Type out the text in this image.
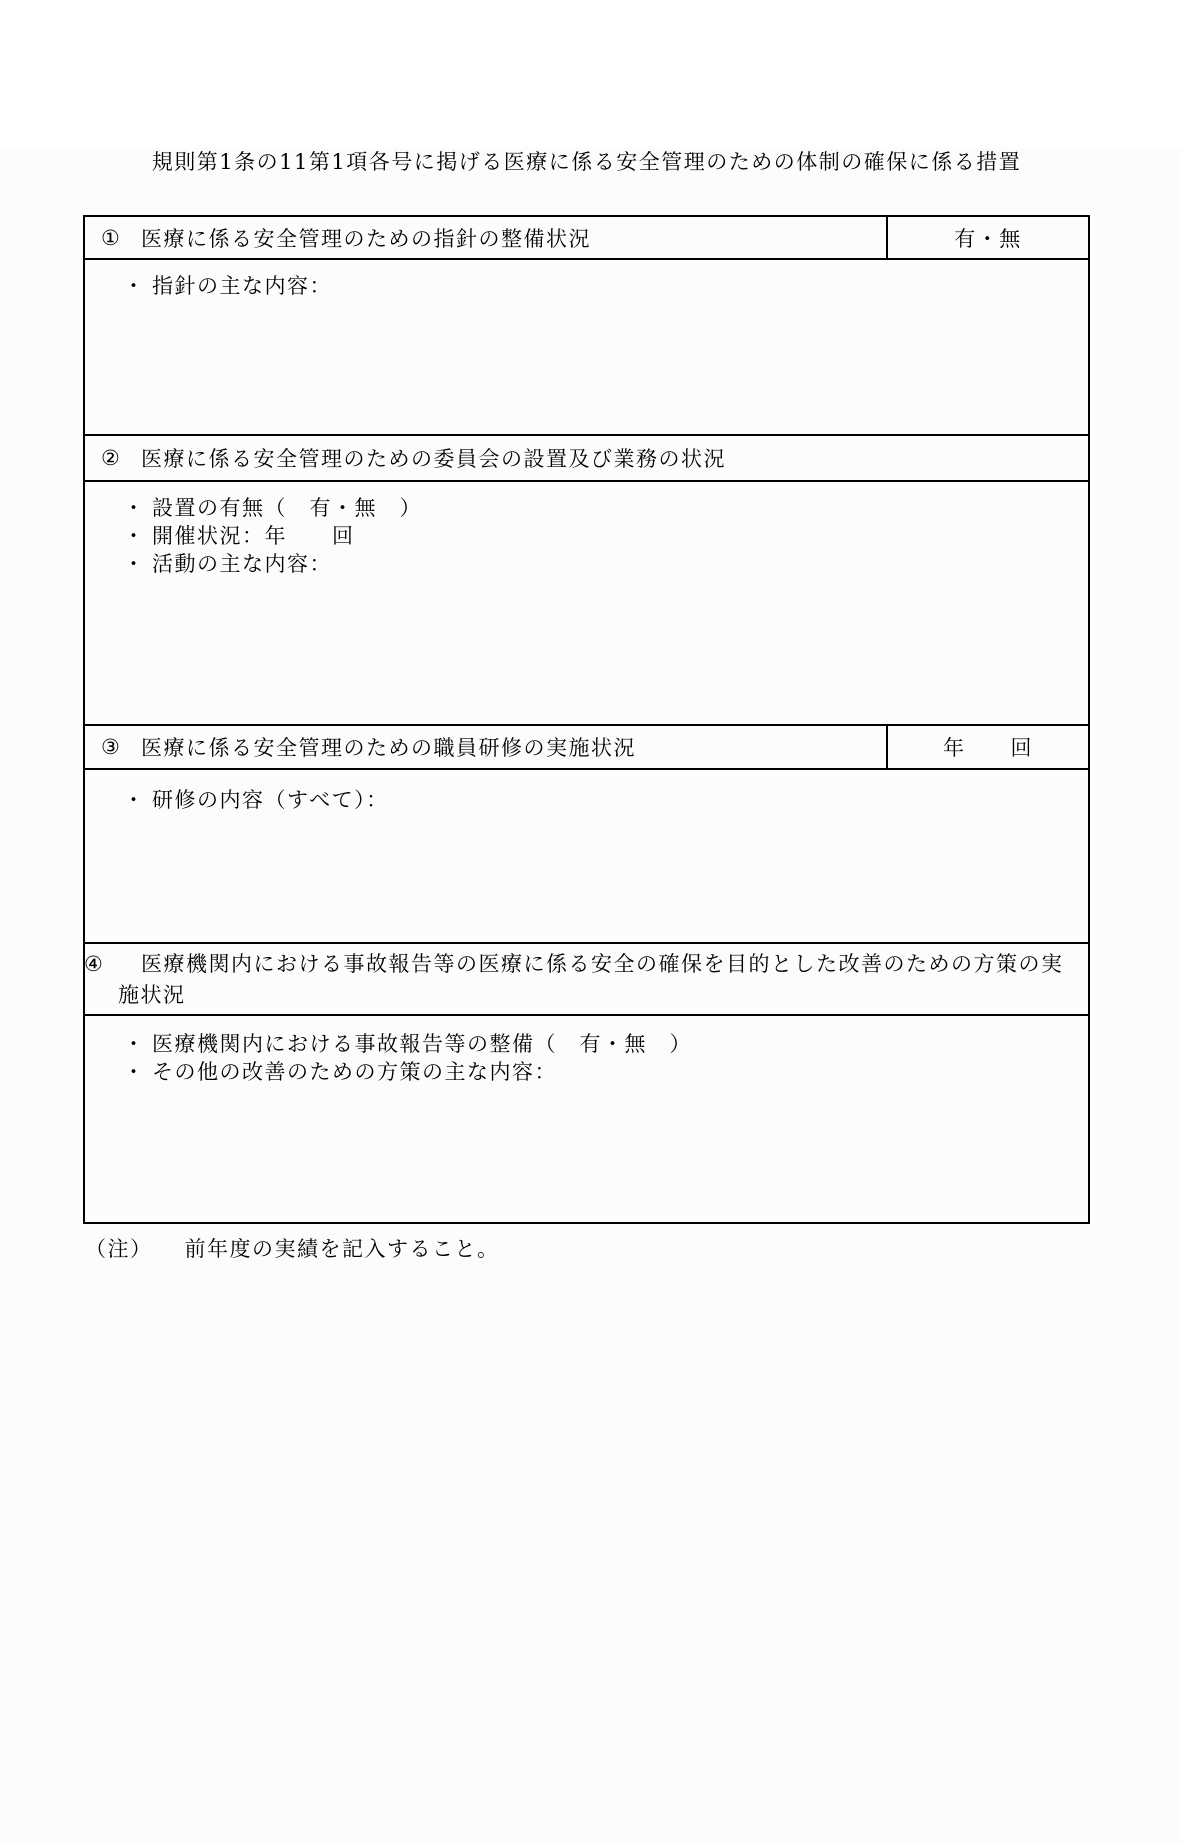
規則第1条の11第1項各号に掲げる医療に係る安全管理のための体制の確保に係る措置
① 医療に係る安全管理のための指針の整備状況	有・無
・ 指針の主な内容：
② 医療に係る安全管理のための委員会の設置及び業務の状況
・ 設置の有無（　有・無　）
・ 開催状況：年　　回
・ 活動の主な内容：
③ 医療に係る安全管理のための職員研修の実施状況	年　　回
・ 研修の内容（すべて）：
④ 医療機関内における事故報告等の医療に係る安全の確保を目的とした改善のための方策の実施状況
・ 医療機関内における事故報告等の整備（　有・無　）
・ その他の改善のための方策の主な内容：
（注） 前年度の実績を記入すること。
